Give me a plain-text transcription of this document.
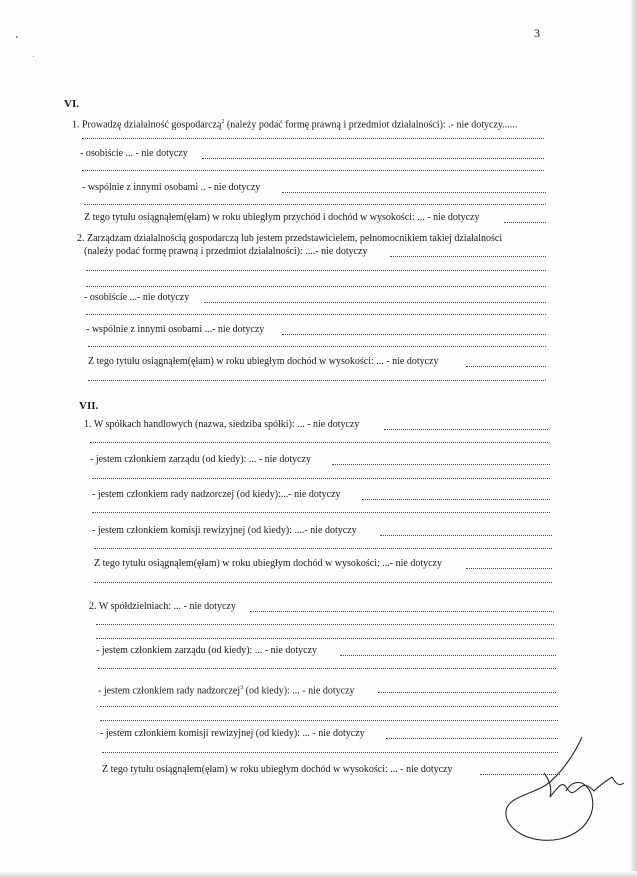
3
VI.
1. Prowadzę działalność gospodarczą$^2$ (należy podać formę prawną i przedmiot działalności): .- nie dotyczy......
- osobiście ... - nie dotyczy
- wspólnie z innymi osobami .. - nie dotyczy
Z tego tytułu osiągnąłem(ęłam) w roku ubiegłym przychód i dochód w wysokości: ... - nie dotyczy
2. Zarządzam działalnością gospodarczą lub jestem przedstawicielem, pełnomocnikiem takiej działalności
(należy podać formę prawną i przedmiot działalności): ....- nie dotyczy
- osobiście ...- nie dotyczy
- wspólnie z innymi osobami ...- nie dotyczy
Z tego tytułu osiągnąłem(ęłam) w roku ubiegłym dochód w wysokości: ... - nie dotyczy
VII.
1. W spółkach handlowych (nazwa, siedziba spółki): ... - nie dotyczy
- jestem członkiem zarządu (od kiedy): ... - nie dotyczy
- jestem członkiem rady nadzorczej (od kiedy):...- nie dotyczy
- jestem członkiem komisji rewizyjnej (od kiedy): ....- nie dotyczy
Z tego tytułu osiągnąłem(ęłam) w roku ubiegłym dochód w wysokości: ...- nie dotyczy
2. W spółdzielniach: ... - nie dotyczy
- jestem członkiem zarządu (od kiedy): ... - nie dotyczy
- jestem członkiem rady nadzorczej$^3$ (od kiedy): ... - nie dotyczy
- jestem członkiem komisji rewizyjnej (od kiedy): ... - nie dotyczy
Z tego tytułu osiągnąłem(ęłam) w roku ubiegłym dochód w wysokości: ... - nie dotyczy
